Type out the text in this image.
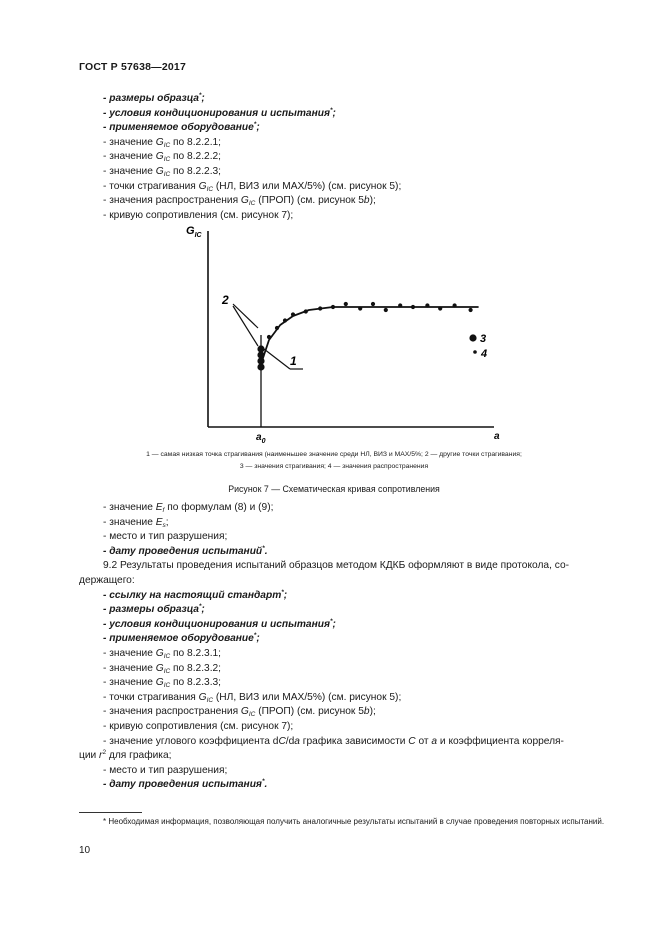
ГОСТ Р 57638—2017
- размеры образца*;
- условия кондиционирования и испытания*;
- применяемое оборудование*;
- значение $G_{IC}$ по 8.2.2.1;
- значение $G_{IC}$ по 8.2.2.2;
- значение $G_{IC}$ по 8.2.2.3;
- точки страгивания $G_{IC}$ (НЛ, ВИЗ или MAX/5%) (см. рисунок 5);
- значения распространения $G_{IC}$ (ПРОП) (см. рисунок 5b);
- кривую сопротивления (см. рисунок 7);
$G_{IC}$
a
$a_0$
2
1
3
4
1 — самая низкая точка страгивания (наименьшее значение среди НЛ, ВИЗ и MAX/5%; 2 — другие точки страгивания;
3 — значения страгивания; 4 — значения распространения
Рисунок 7 — Схематическая кривая сопротивления
- значение $E_f$ по формулам (8) и (9);
- значение $E_s$;
- место и тип разрушения;
- дату проведения испытаний*.
9.2 Результаты проведения испытаний образцов методом КДКБ оформляют в виде протокола, со-
держащего:
- ссылку на настоящий стандарт*;
- размеры образца*;
- условия кондиционирования и испытания*;
- применяемое оборудование*;
- значение $G_{IC}$ по 8.2.3.1;
- значение $G_{IC}$ по 8.2.3.2;
- значение $G_{IC}$ по 8.2.3.3;
- точки страгивания $G_{IC}$ (НЛ, ВИЗ или MAX/5%) (см. рисунок 5);
- значения распространения $G_{IC}$ (ПРОП) (см. рисунок 5b);
- кривую сопротивления (см. рисунок 7);
- значение углового коэффициента dC/da графика зависимости C от a и коэффициента корреля-
ции $r^2$ для графика;
- место и тип разрушения;
- дату проведения испытания*.
* Необходимая информация, позволяющая получить аналогичные результаты испытаний в случае проведения повторных испытаний.
10
